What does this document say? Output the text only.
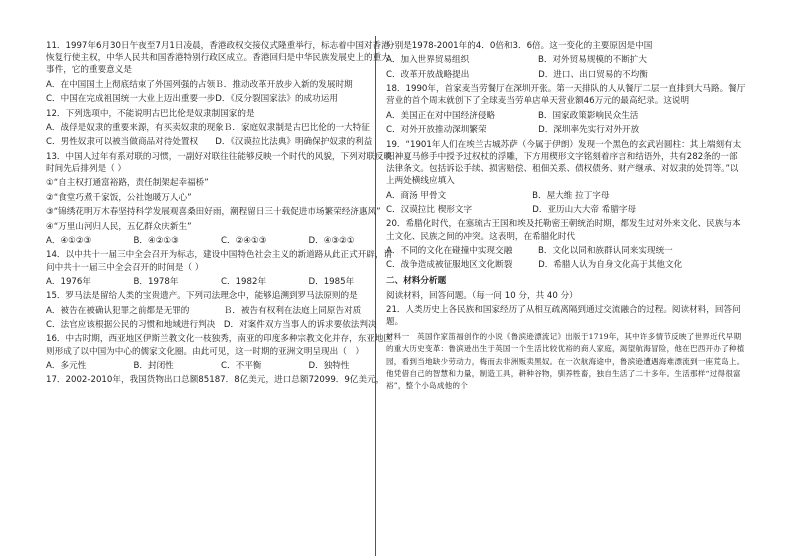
11．1997年6月30日午夜至7月1日凌晨，香港政权交接仪式隆重举行，标志着中国对香港恢复行使主权，中华人民共和国香港特别行政区成立。香港回归是中华民族发展史上的重大事件，它的重要意义是

A．在中国国土上彻底结束了外国列强的占领Ｂ．推动改革开放步入新的发展时期

C．中国在完成祖国统一大业上迈出重要一步D．《反分裂国家法》的成功运用

12．下列选项中，不能说明古巴比伦是奴隶制国家的是

A．战俘是奴隶的重要来源，有买卖奴隶的现象Ｂ．家庭奴隶制是古巴比伦的一大特征

C．男性奴隶可以被当做商品对待处置权　　D．《汉谟拉比法典》明确保护奴隶的利益

13．中国人过年有系对联的习惯，一副好对联往往能够反映一个时代的风貌，下列对联反映时间先后排列是（ ）

①“自主权打通富裕路，责任制架起幸福桥”

②“食堂巧煮千家饭，公社饱暖万人心”

③“锦绣花明万木春坚持科学发展观喜桑田好雨，潮程留日三十载促进市场繁荣经济惠风”

④“万里山河归人民，五亿群众庆新生”

A．④①②③	B．④②①③	C．②④①③	D．④③②①

14．以中共十一届三中全会召开为标志，建设中国特色社会主义的新道路从此正式开辟，请问中共十一届三中全会召开的时间是（ ）

A．1976年	B．1978年	C．1982年	D．1985年

15．罗马法是留给人类的宝贵遗产。下列司法理念中，能够追溯到罗马法原则的是

A．被告在被确认犯罪之前都是无罪的　　　　Ｂ．被告有权利在法庭上同原告对质

C．法官应该根据公民的习惯和地域进行判决　D．对案件双方当事人的诉求要依法判决

16．中古时期，西亚地区伊斯兰教文化一枝独秀，南亚的印度多种宗教文化并存，东亚地区则形成了以中国为中心的儒家文化圈。由此可见，这一时期的亚洲文明呈现出（　）

A．多元性	B．封闭性	C．不平衡	D．独特性

17．2002-2010年，我国货物出口总额85187．8亿美元，进口总额72099．9亿美元，

分别是1978-2001年的4．0倍和3．6倍。这一变化的主要原因是中国

A．加入世界贸易组织　　　　　　　　B．对外贸易规模的不断扩大

C．改革开放战略提出　　　　　　　　D．进口、出口贸易的不均衡

18．1990年，首家麦当劳餐厅在深圳开张。第一天排队的人从餐厅二层一直排到大马路。餐厅营业的首个周末就创下了全球麦当劳单店单天营业额46万元的最高纪录。这说明

A．美国正在对中国经济侵略　　　　　B．国家政策影响民众生活

C．对外开放推动深圳繁荣　　　　　　D．深圳率先实行对外开放

19．“1901年人们在埃兰古城苏萨（今属于伊朗）发现一个黑色的玄武岩圆柱：其上端刻有太阳神夏马修手中授予过权杖的浮雕，下方用楔形文字铭刻着序言和结语外，共有282条的一部法律条文。包括诉讼手续、损害赔偿、租佃关系、债权债务、财产继承、对奴隶的处罚等。”以上两处横线应填入

A．商汤 甲骨文　　　　　　　　　　B．屋大维 拉丁字母

C．汉谟拉比 楔形文字　　　　　　　D．亚历山大大帝 希腊字母

20．希腊化时代，在塞琉古王国和埃及托勒密王朝统治时期，都发生过对外来文化、民族与本土文化、民族之间的冲突。这表明，在希腊化时代

A．不同的文化在碰撞中实现交融　　　B．文化以同和族群认同来实现统一

C．战争造成被征服地区文化断裂　　　D．希腊人认为自身文化高于其他文化

二、材料分析题

阅读材料，回答问题。（每一问 10 分，共 40 分）

21．人类历史上各民族和国家经历了从相互疏离隔到通过交流融合的过程。阅读材料，回答问题。

材料一　英国作家笛福创作的小说《鲁滨逊漂流记》出版于1719年，其中许多情节反映了世界近代早期的重大历史变革：鲁滨逊出生于英国一个生活比较优裕的商人家庭，渴望航海冒险，他在巴西开办了种植园，看到当地缺少劳动力，梅而去非洲贩卖黑奴。在一次航海途中，鲁滨逊遭遇海难漂流到一座荒岛上。他凭借自己的智慧和力量，制造工具，耕种谷物，驯养牲畜，独自生活了二十多年。生活那样“过得很富裕”，整个小岛成他的个
